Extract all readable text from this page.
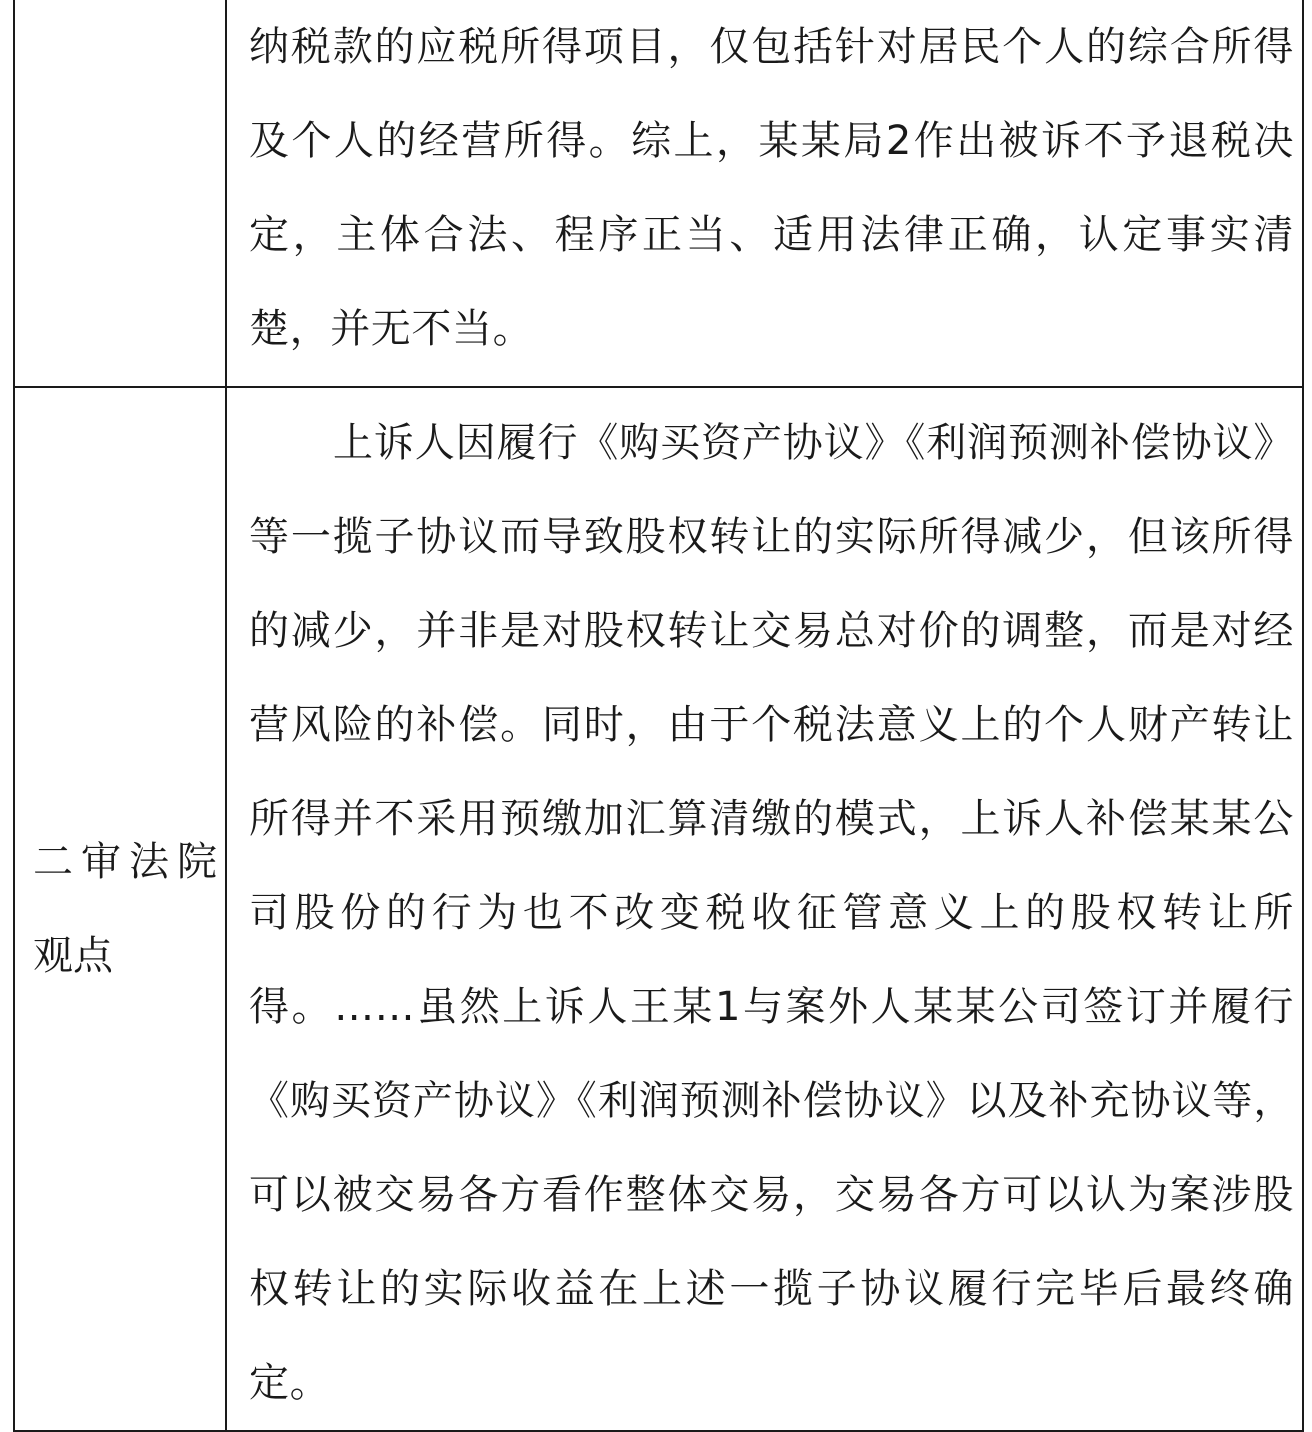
	纳税款的应税所得项目，仅包括针对居民个人的综合所得及个人的经营所得。综上，某某局2作出被诉不予退税决定，主体合法、程序正当、适用法律正确，认定事实清楚，并无不当。

二审法院观点	上诉人因履行《购买资产协议》《利润预测补偿协议》等一揽子协议而导致股权转让的实际所得减少，但该所得的减少，并非是对股权转让交易总对价的调整，而是对经营风险的补偿。同时，由于个税法意义上的个人财产转让所得并不采用预缴加汇算清缴的模式，上诉人补偿某某公司股份的行为也不改变税收征管意义上的股权转让所得。……虽然上诉人王某1与案外人某某公司签订并履行《购买资产协议》《利润预测补偿协议》以及补充协议等，可以被交易各方看作整体交易，交易各方可以认为案涉股权转让的实际收益在上述一揽子协议履行完毕后最终确定。
